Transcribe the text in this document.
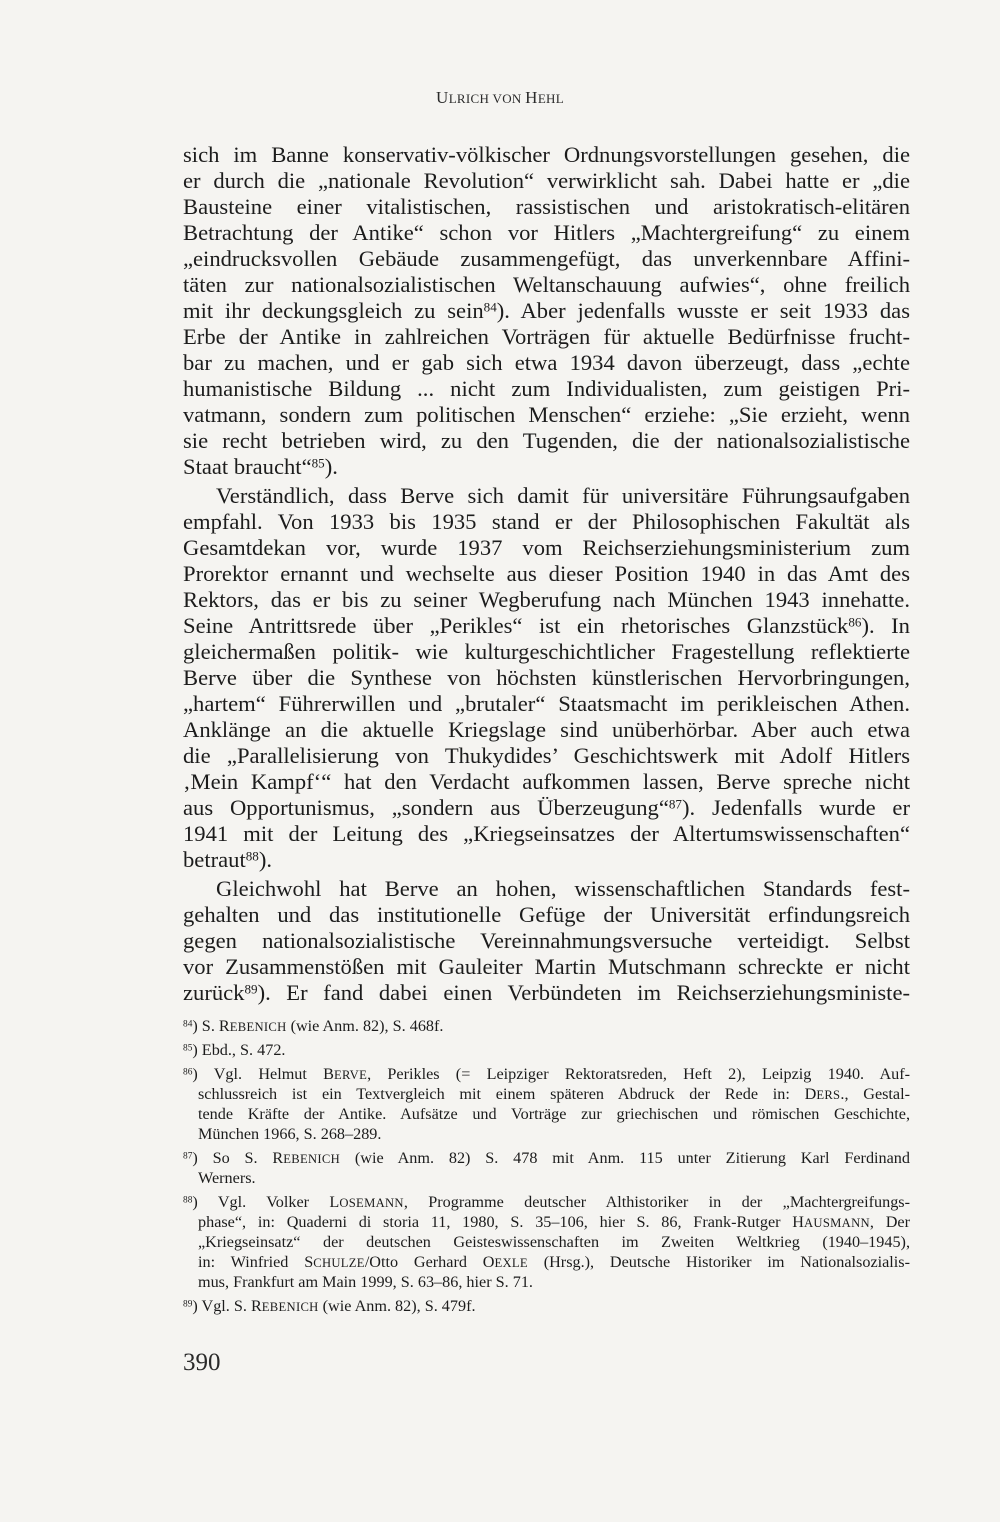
ULRICH VON HEHL

sich im Banne konservativ-völkischer Ordnungsvorstellungen gesehen, die

er durch die „nationale Revolution“ verwirklicht sah. Dabei hatte er „die

Bausteine einer vitalistischen, rassistischen und aristokratisch-elitären

Betrachtung der Antike“ schon vor Hitlers „Machtergreifung“ zu einem

„eindrucksvollen Gebäude zusammengefügt, das unverkennbare Affini-

täten zur nationalsozialistischen Weltanschauung aufwies“, ohne freilich

mit ihr deckungsgleich zu sein$^{84}$). Aber jedenfalls wusste er seit 1933 das

Erbe der Antike in zahlreichen Vorträgen für aktuelle Bedürfnisse frucht-

bar zu machen, und er gab sich etwa 1934 davon überzeugt, dass „echte

humanistische Bildung ... nicht zum Individualisten, zum geistigen Pri-

vatmann, sondern zum politischen Menschen“ erziehe: „Sie erzieht, wenn

sie recht betrieben wird, zu den Tugenden, die der nationalsozialistische

Staat braucht“$^{85}$).

Verständlich, dass Berve sich damit für universitäre Führungsaufgaben

empfahl. Von 1933 bis 1935 stand er der Philosophischen Fakultät als

Gesamtdekan vor, wurde 1937 vom Reichserziehungsministerium zum

Prorektor ernannt und wechselte aus dieser Position 1940 in das Amt des

Rektors, das er bis zu seiner Wegberufung nach München 1943 innehatte.

Seine Antrittsrede über „Perikles“ ist ein rhetorisches Glanzstück$^{86}$). In

gleichermaßen politik- wie kulturgeschichtlicher Fragestellung reflektierte

Berve über die Synthese von höchsten künstlerischen Hervorbringungen,

„hartem“ Führerwillen und „brutaler“ Staatsmacht im perikleischen Athen.

Anklänge an die aktuelle Kriegslage sind unüberhörbar. Aber auch etwa

die „Parallelisierung von Thukydides’ Geschichtswerk mit Adolf Hitlers

‚Mein Kampf‘“ hat den Verdacht aufkommen lassen, Berve spreche nicht

aus Opportunismus, „sondern aus Überzeugung“$^{87}$). Jedenfalls wurde er

1941 mit der Leitung des „Kriegseinsatzes der Altertumswissenschaften“

betraut$^{88}$).

Gleichwohl hat Berve an hohen, wissenschaftlichen Standards fest-

gehalten und das institutionelle Gefüge der Universität erfindungsreich

gegen nationalsozialistische Vereinnahmungsversuche verteidigt. Selbst

vor Zusammenstößen mit Gauleiter Martin Mutschmann schreckte er nicht

zurück$^{89}$). Er fand dabei einen Verbündeten im Reichserziehungsministe-

$^{84}$) S. REBENICH (wie Anm. 82), S. 468f.

$^{85}$) Ebd., S. 472.

$^{86}$) Vgl. Helmut BERVE, Perikles (= Leipziger Rektoratsreden, Heft 2), Leipzig 1940. Auf-

schlussreich ist ein Textvergleich mit einem späteren Abdruck der Rede in: DERS., Gestal-

tende Kräfte der Antike. Aufsätze und Vorträge zur griechischen und römischen Geschichte,

München 1966, S. 268–289.

$^{87}$) So S. REBENICH (wie Anm. 82) S. 478 mit Anm. 115 unter Zitierung Karl Ferdinand

Werners.

$^{88}$) Vgl. Volker LOSEMANN, Programme deutscher Althistoriker in der „Machtergreifungs-

phase“, in: Quaderni di storia 11, 1980, S. 35–106, hier S. 86, Frank-Rutger HAUSMANN, Der

„Kriegseinsatz“ der deutschen Geisteswissenschaften im Zweiten Weltkrieg (1940–1945),

in: Winfried SCHULZE/Otto Gerhard OEXLE (Hrsg.), Deutsche Historiker im Nationalsozialis-

mus, Frankfurt am Main 1999, S. 63–86, hier S. 71.

$^{89}$) Vgl. S. REBENICH (wie Anm. 82), S. 479f.

390
